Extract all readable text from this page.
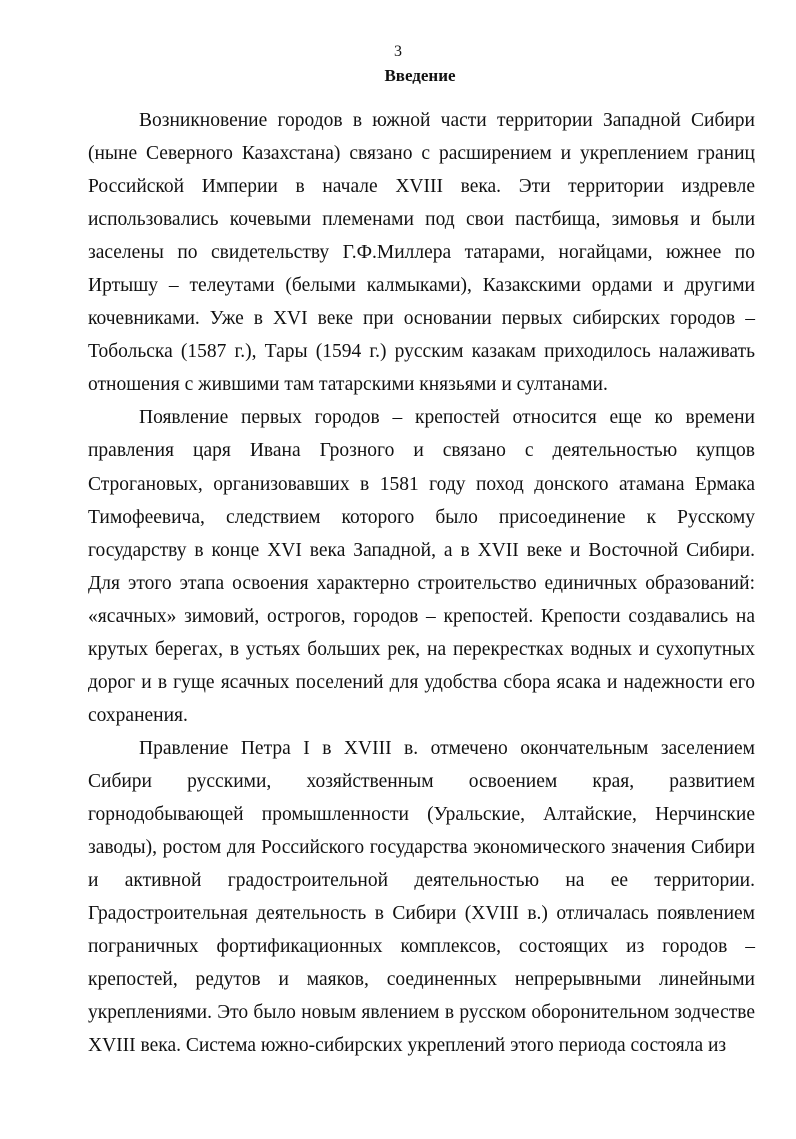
3
Введение

Возникновение городов в южной части территории Западной Сибири (ныне Северного Казахстана) связано с расширением и укреплением границ Российской Империи в начале XVIII века. Эти территории издревле использовались кочевыми племенами под свои пастбища, зимовья и были заселены по свидетельству Г.Ф.Миллера татарами, ногайцами, южнее по Иртышу – телеутами (белыми калмыками), Казакскими ордами и другими кочевниками. Уже в XVI веке при основании первых сибирских городов – Тобольска (1587 г.), Тары (1594 г.) русским казакам приходилось налаживать отношения с жившими там татарскими князьями и султанами.

Появление первых городов – крепостей относится еще ко времени правления царя Ивана Грозного и связано с деятельностью купцов Строгановых, организовавших в 1581 году поход донского атамана Ермака Тимофеевича, следствием которого было присоединение к Русскому государству в конце XVI века Западной, а в XVII веке и Восточной Сибири. Для этого этапа освоения характерно строительство единичных образований: «ясачных» зимовий, острогов, городов – крепостей. Крепости создавались на крутых берегах, в устьях больших рек, на перекрестках водных и сухопутных дорог и в гуще ясачных поселений для удобства сбора ясака и надежности его сохранения.

Правление Петра I в XVIII в. отмечено окончательным заселением Сибири русскими, хозяйственным освоением края, развитием горнодобывающей промышленности (Уральские, Алтайские, Нерчинские заводы), ростом для Российского государства экономического значения Сибири и активной градостроительной деятельностью на ее территории. Градостроительная деятельность в Сибири (XVIII в.) отличалась появлением пограничных фортификационных комплексов, состоящих из городов – крепостей, редутов и маяков, соединенных непрерывными линейными укреплениями. Это было новым явлением в русском оборонительном зодчестве XVIII века. Система южно-сибирских укреплений этого периода состояла из
